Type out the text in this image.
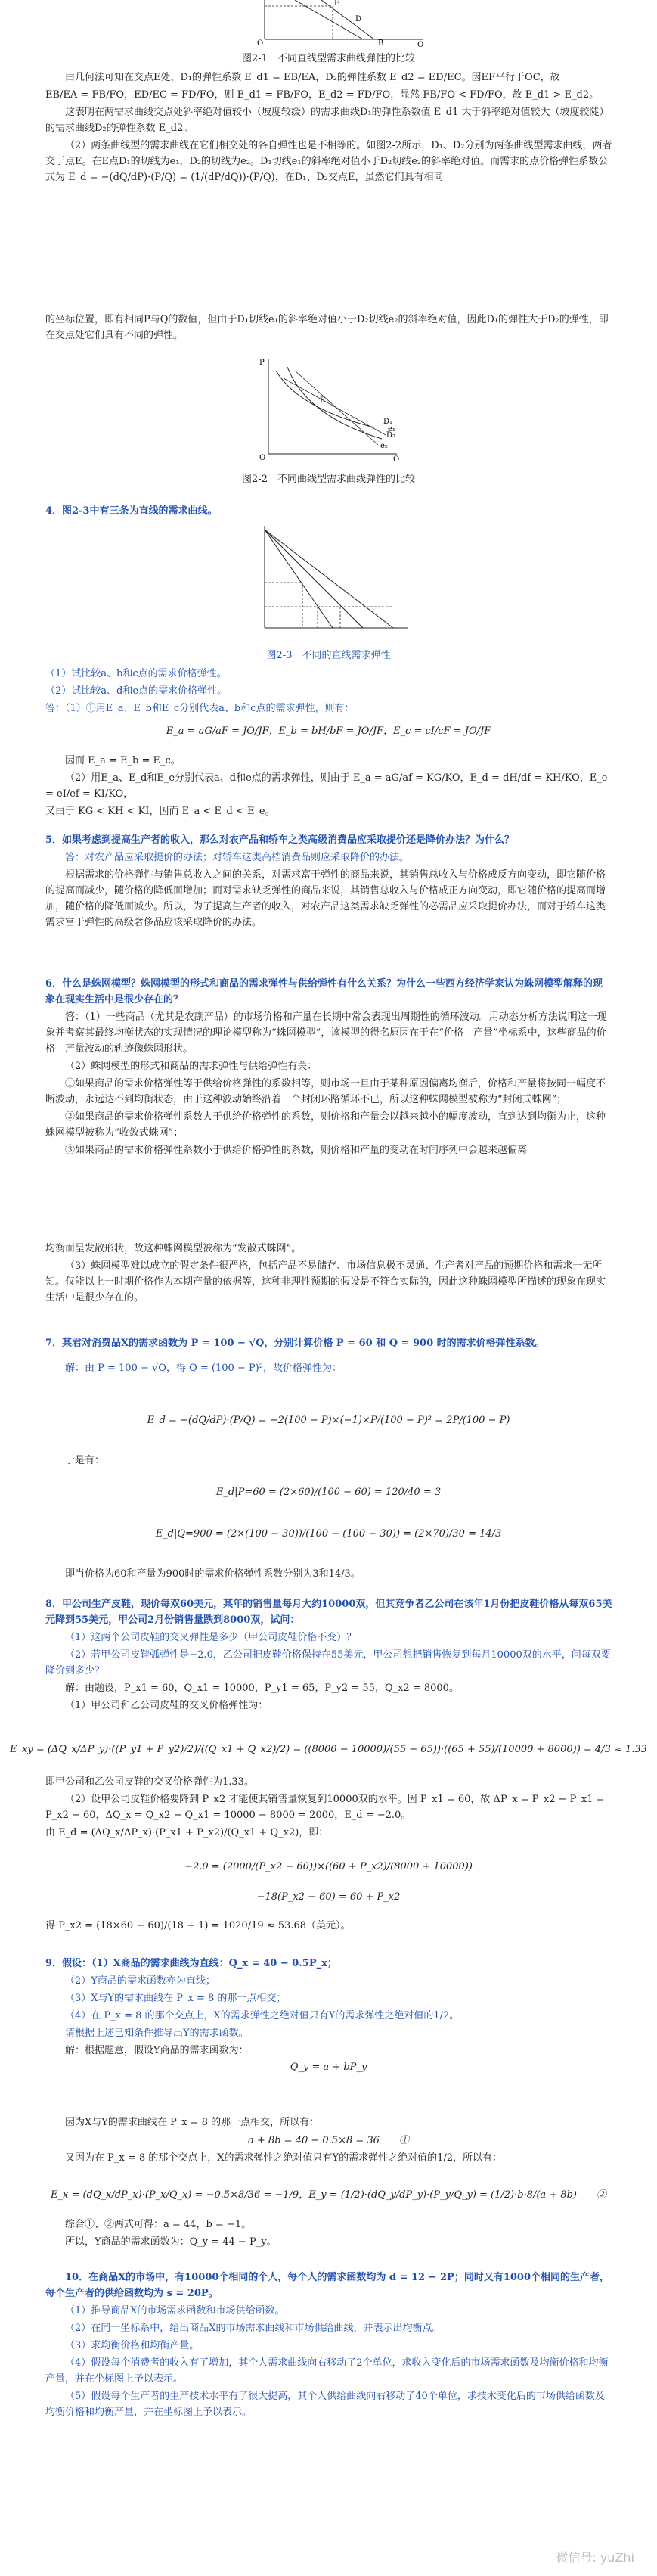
E
D
B
O	Q
图2-1　不同直线型需求曲线弹性的比较

由几何法可知在交点E处，D₁的弹性系数 E_d1 = EB/EA，D₂的弹性系数 E_d2 = ED/EC。因EF平行于OC，故

EB/EA = FB/FO，ED/EC = FD/FO，则 E_d1 = FB/FO，E_d2 = FD/FO，显然 FB/FO < FD/FO，故 E_d1 > E_d2。

这表明在两需求曲线交点处斜率绝对值较小（坡度较缓）的需求曲线D₁的弹性系数值 E_d1 大于斜率绝对值较大（坡度较陡）的需求曲线D₂的弹性系数 E_d2。

（2）两条曲线型的需求曲线在它们相交处的各自弹性也是不相等的。如图2-2所示，D₁、D₂分别为两条曲线型需求曲线，两者交于点E。在E点D₁的切线为e₁，D₂的切线为e₂。D₁切线e₁的斜率绝对值小于D₂切线e₂的斜率绝对值。而需求的点价格弹性系数公式为 E_d = −(dQ/dP)·(P/Q) = (1/(dP/dQ))·(P/Q)，在D₁、D₂交点E，虽然它们具有相同

的坐标位置，即有相同P与Q的数值，但由于D₁切线e₁的斜率绝对值小于D₂切线e₂的斜率绝对值，因此D₁的弹性大于D₂的弹性，即在交点处它们具有不同的弹性。

P
D₁
E
D₂
e₁
e₂
O	Q
图2-2　不同曲线型需求曲线弹性的比较
4．图2-3中有三条为直线的需求曲线。
图2-3　不同的直线需求弹性

（1）试比较a、b和c点的需求价格弹性。

（2）试比较a、d和e点的需求价格弹性。

答：（1）①用E_a、E_b和E_c分别代表a、b和c点的需求弹性，则有：

E_a = aG/aF = JO/JF，E_b = bH/bF = JO/JF，E_c = cI/cF = JO/JF

因而 E_a = E_b = E_c。

（2）用E_a、E_d和E_e分别代表a、d和e点的需求弹性，则由于 E_a = aG/af = KG/KO，E_d = dH/df = KH/KO，E_e = eI/ef = KI/KO，

又由于 KG < KH < KI，因而 E_a < E_d < E_e。

5．如果考虑到提高生产者的收入，那么对农产品和轿车之类高级消费品应采取提价还是降价办法？为什么？

答：对农产品应采取提价的办法；对轿车这类高档消费品则应采取降价的办法。

根据需求的价格弹性与销售总收入之间的关系，对需求富于弹性的商品来说，其销售总收入与价格成反方向变动，即它随价格的提高而减少，随价格的降低而增加；而对需求缺乏弹性的商品来说，其销售总收入与价格成正方向变动，即它随价格的提高而增加，随价格的降低而减少。所以，为了提高生产者的收入，对农产品这类需求缺乏弹性的必需品应采取提价办法，而对于轿车这类需求富于弹性的高级奢侈品应该采取降价的办法。

6．什么是蛛网模型？蛛网模型的形式和商品的需求弹性与供给弹性有什么关系？为什么一些西方经济学家认为蛛网模型解释的现象在现实生活中是很少存在的？

答：（1）一些商品（尤其是农副产品）的市场价格和产量在长期中常会表现出周期性的循环波动。用动态分析方法说明这一现象并考察其最终均衡状态的实现情况的理论模型称为“蛛网模型”，该模型的得名原因在于在“价格—产量”坐标系中，这些商品的价格—产量波动的轨迹像蛛网形状。

（2）蛛网模型的形式和商品的需求弹性与供给弹性有关：

①如果商品的需求价格弹性等于供给价格弹性的系数相等，则市场一旦由于某种原因偏离均衡后，价格和产量将按同一幅度不断波动，永远达不到均衡状态，由于这种波动始终沿着一个封闭环路循环不已，所以这种蛛网模型被称为“封闭式蛛网”；

②如果商品的需求价格弹性系数大于供给价格弹性的系数，则价格和产量会以越来越小的幅度波动，直到达到均衡为止，这种蛛网模型被称为“收敛式蛛网”；

③如果商品的需求价格弹性系数小于供给价格弹性的系数，则价格和产量的变动在时间序列中会越来越偏离

均衡而呈发散形状，故这种蛛网模型被称为“发散式蛛网”。

（3）蛛网模型难以成立的假定条件很严格，包括产品不易储存、市场信息极不灵通、生产者对产品的预期价格和需求一无所知。仅能以上一时期价格作为本期产量的依据等，这种非理性预期的假设是不符合实际的，因此这种蛛网模型所描述的现象在现实生活中是很少存在的。

7．某君对消费品X的需求函数为 P = 100 − √Q，分别计算价格 P = 60 和 Q = 900 时的需求价格弹性系数。

解：由 P = 100 − √Q，得 Q = (100 − P)²，故价格弹性为：

E_d = −(dQ/dP)·(P/Q) = −2(100 − P)×(−1)×P/(100 − P)² = 2P/(100 − P)

于是有：

E_d|P=60 = (2×60)/(100 − 60) = 120/40 = 3
E_d|Q=900 = (2×(100 − 30))/(100 − (100 − 30)) = (2×70)/30 = 14/3

即当价格为60和产量为900时的需求价格弹性系数分别为3和14/3。

8．甲公司生产皮鞋，现价每双60美元，某年的销售量每月大约10000双，但其竞争者乙公司在该年1月份把皮鞋价格从每双65美元降到55美元，甲公司2月份销售量跌到8000双，试问：

（1）这两个公司皮鞋的交叉弹性是多少（甲公司皮鞋价格不变）？

（2）若甲公司皮鞋弧弹性是−2.0，乙公司把皮鞋价格保持在55美元，甲公司想把销售恢复到每月10000双的水平，问每双要降价到多少？

解：由题设，P_x1 = 60，Q_x1 = 10000，P_y1 = 65，P_y2 = 55，Q_x2 = 8000。

（1）甲公司和乙公司皮鞋的交叉价格弹性为：

E_xy = (ΔQ_x/ΔP_y)·((P_y1 + P_y2)/2)/((Q_x1 + Q_x2)/2) = ((8000 − 10000)/(55 − 65))·((65 + 55)/(10000 + 8000)) = 4/3 ≈ 1.33

即甲公司和乙公司皮鞋的交叉价格弹性为1.33。

（2）设甲公司皮鞋价格要降到 P_x2 才能使其销售量恢复到10000双的水平。因 P_x1 = 60，故 ΔP_x = P_x2 − P_x1 = P_x2 − 60，ΔQ_x = Q_x2 − Q_x1 = 10000 − 8000 = 2000，E_d = −2.0。

由 E_d = (ΔQ_x/ΔP_x)·(P_x1 + P_x2)/(Q_x1 + Q_x2)，即：

−2.0 = (2000/(P_x2 − 60))×((60 + P_x2)/(8000 + 10000))
−18(P_x2 − 60) = 60 + P_x2

得 P_x2 = (18×60 − 60)/(18 + 1) = 1020/19 ≈ 53.68（美元）。

9．假设：（1）X商品的需求曲线为直线：Q_x = 40 − 0.5P_x；

（2）Y商品的需求函数亦为直线；

（3）X与Y的需求曲线在 P_x = 8 的那一点相交；

（4）在 P_x = 8 的那个交点上，X的需求弹性之绝对值只有Y的需求弹性之绝对值的1/2。

请根据上述已知条件推导出Y的需求函数。

解：根据题意，假设Y商品的需求函数为：

Q_y = a + bP_y

因为X与Y的需求曲线在 P_x = 8 的那一点相交，所以有：

a + 8b = 40 − 0.5×8 = 36　　①

又因为在 P_x = 8 的那个交点上，X的需求弹性之绝对值只有Y的需求弹性之绝对值的1/2，所以有：

E_x = (dQ_x/dP_x)·(P_x/Q_x) = −0.5×8/36 = −1/9，E_y = (1/2)·(dQ_y/dP_y)·(P_y/Q_y) = (1/2)·b·8/(a + 8b)　　②

综合①、②两式可得：a = 44，b = −1。

所以，Y商品的需求函数为：Q_y = 44 − P_y。

10．在商品X的市场中，有10000个相同的个人，每个人的需求函数均为 d = 12 − 2P；同时又有1000个相同的生产者，每个生产者的供给函数均为 s = 20P。

（1）推导商品X的市场需求函数和市场供给函数。

（2）在同一坐标系中，给出商品X的市场需求曲线和市场供给曲线，并表示出均衡点。

（3）求均衡价格和均衡产量。

（4）假设每个消费者的收入有了增加，其个人需求曲线向右移动了2个单位，求收入变化后的市场需求函数及均衡价格和均衡产量，并在坐标图上予以表示。

（5）假设每个生产者的生产技术水平有了很大提高，其个人供给曲线向右移动了40个单位，求技术变化后的市场供给函数及均衡价格和均衡产量，并在坐标图上予以表示。

微信号: yuZhi
